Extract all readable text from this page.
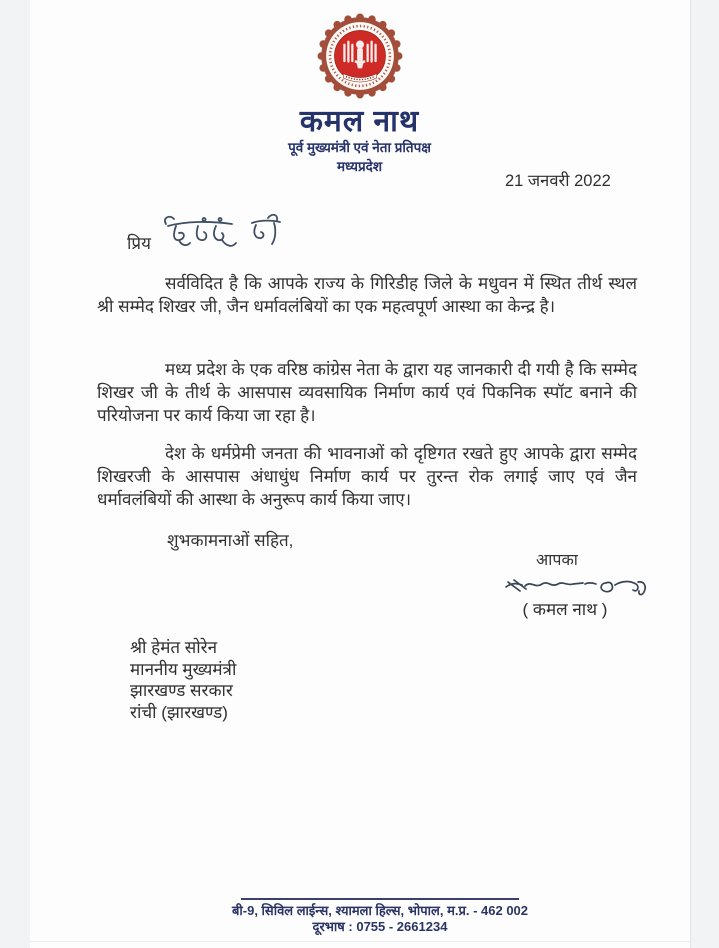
कमल नाथ
पूर्व मुख्यमंत्री एवं नेता प्रतिपक्ष
मध्यप्रदेश
21 जनवरी 2022
प्रिय

सर्वविदित है कि आपके राज्य के गिरिडीह जिले के मधुवन में स्थित तीर्थ स्थल श्री सम्मेद शिखर जी, जैन धर्मावलंबियों का एक महत्वपूर्ण आस्था का केन्द्र है।

मध्य प्रदेश के एक वरिष्ठ कांग्रेस नेता के द्वारा यह जानकारी दी गयी है कि सम्मेद शिखर जी के तीर्थ के आसपास व्यवसायिक निर्माण कार्य एवं पिकनिक स्पॉट बनाने की परियोजना पर कार्य किया जा रहा है।

देश के धर्मप्रेमी जनता की भावनाओं को दृष्टिगत रखते हुए आपके द्वारा सम्मेद शिखरजी के आसपास अंधाधुंध निर्माण कार्य पर तुरन्त रोक लगाई जाए एवं जैन धर्मावलंबियों की आस्था के अनुरूप कार्य किया जाए।

शुभकामनाओं सहित,
आपका
( कमल नाथ )
श्री हेमंत सोरेन
माननीय मुख्यमंत्री
झारखण्ड सरकार
रांची (झारखण्ड)
बी-9, सिविल लाईन्स, श्यामला हिल्स, भोपाल, म.प्र. - 462 002
दूरभाष : 0755 - 2661234
